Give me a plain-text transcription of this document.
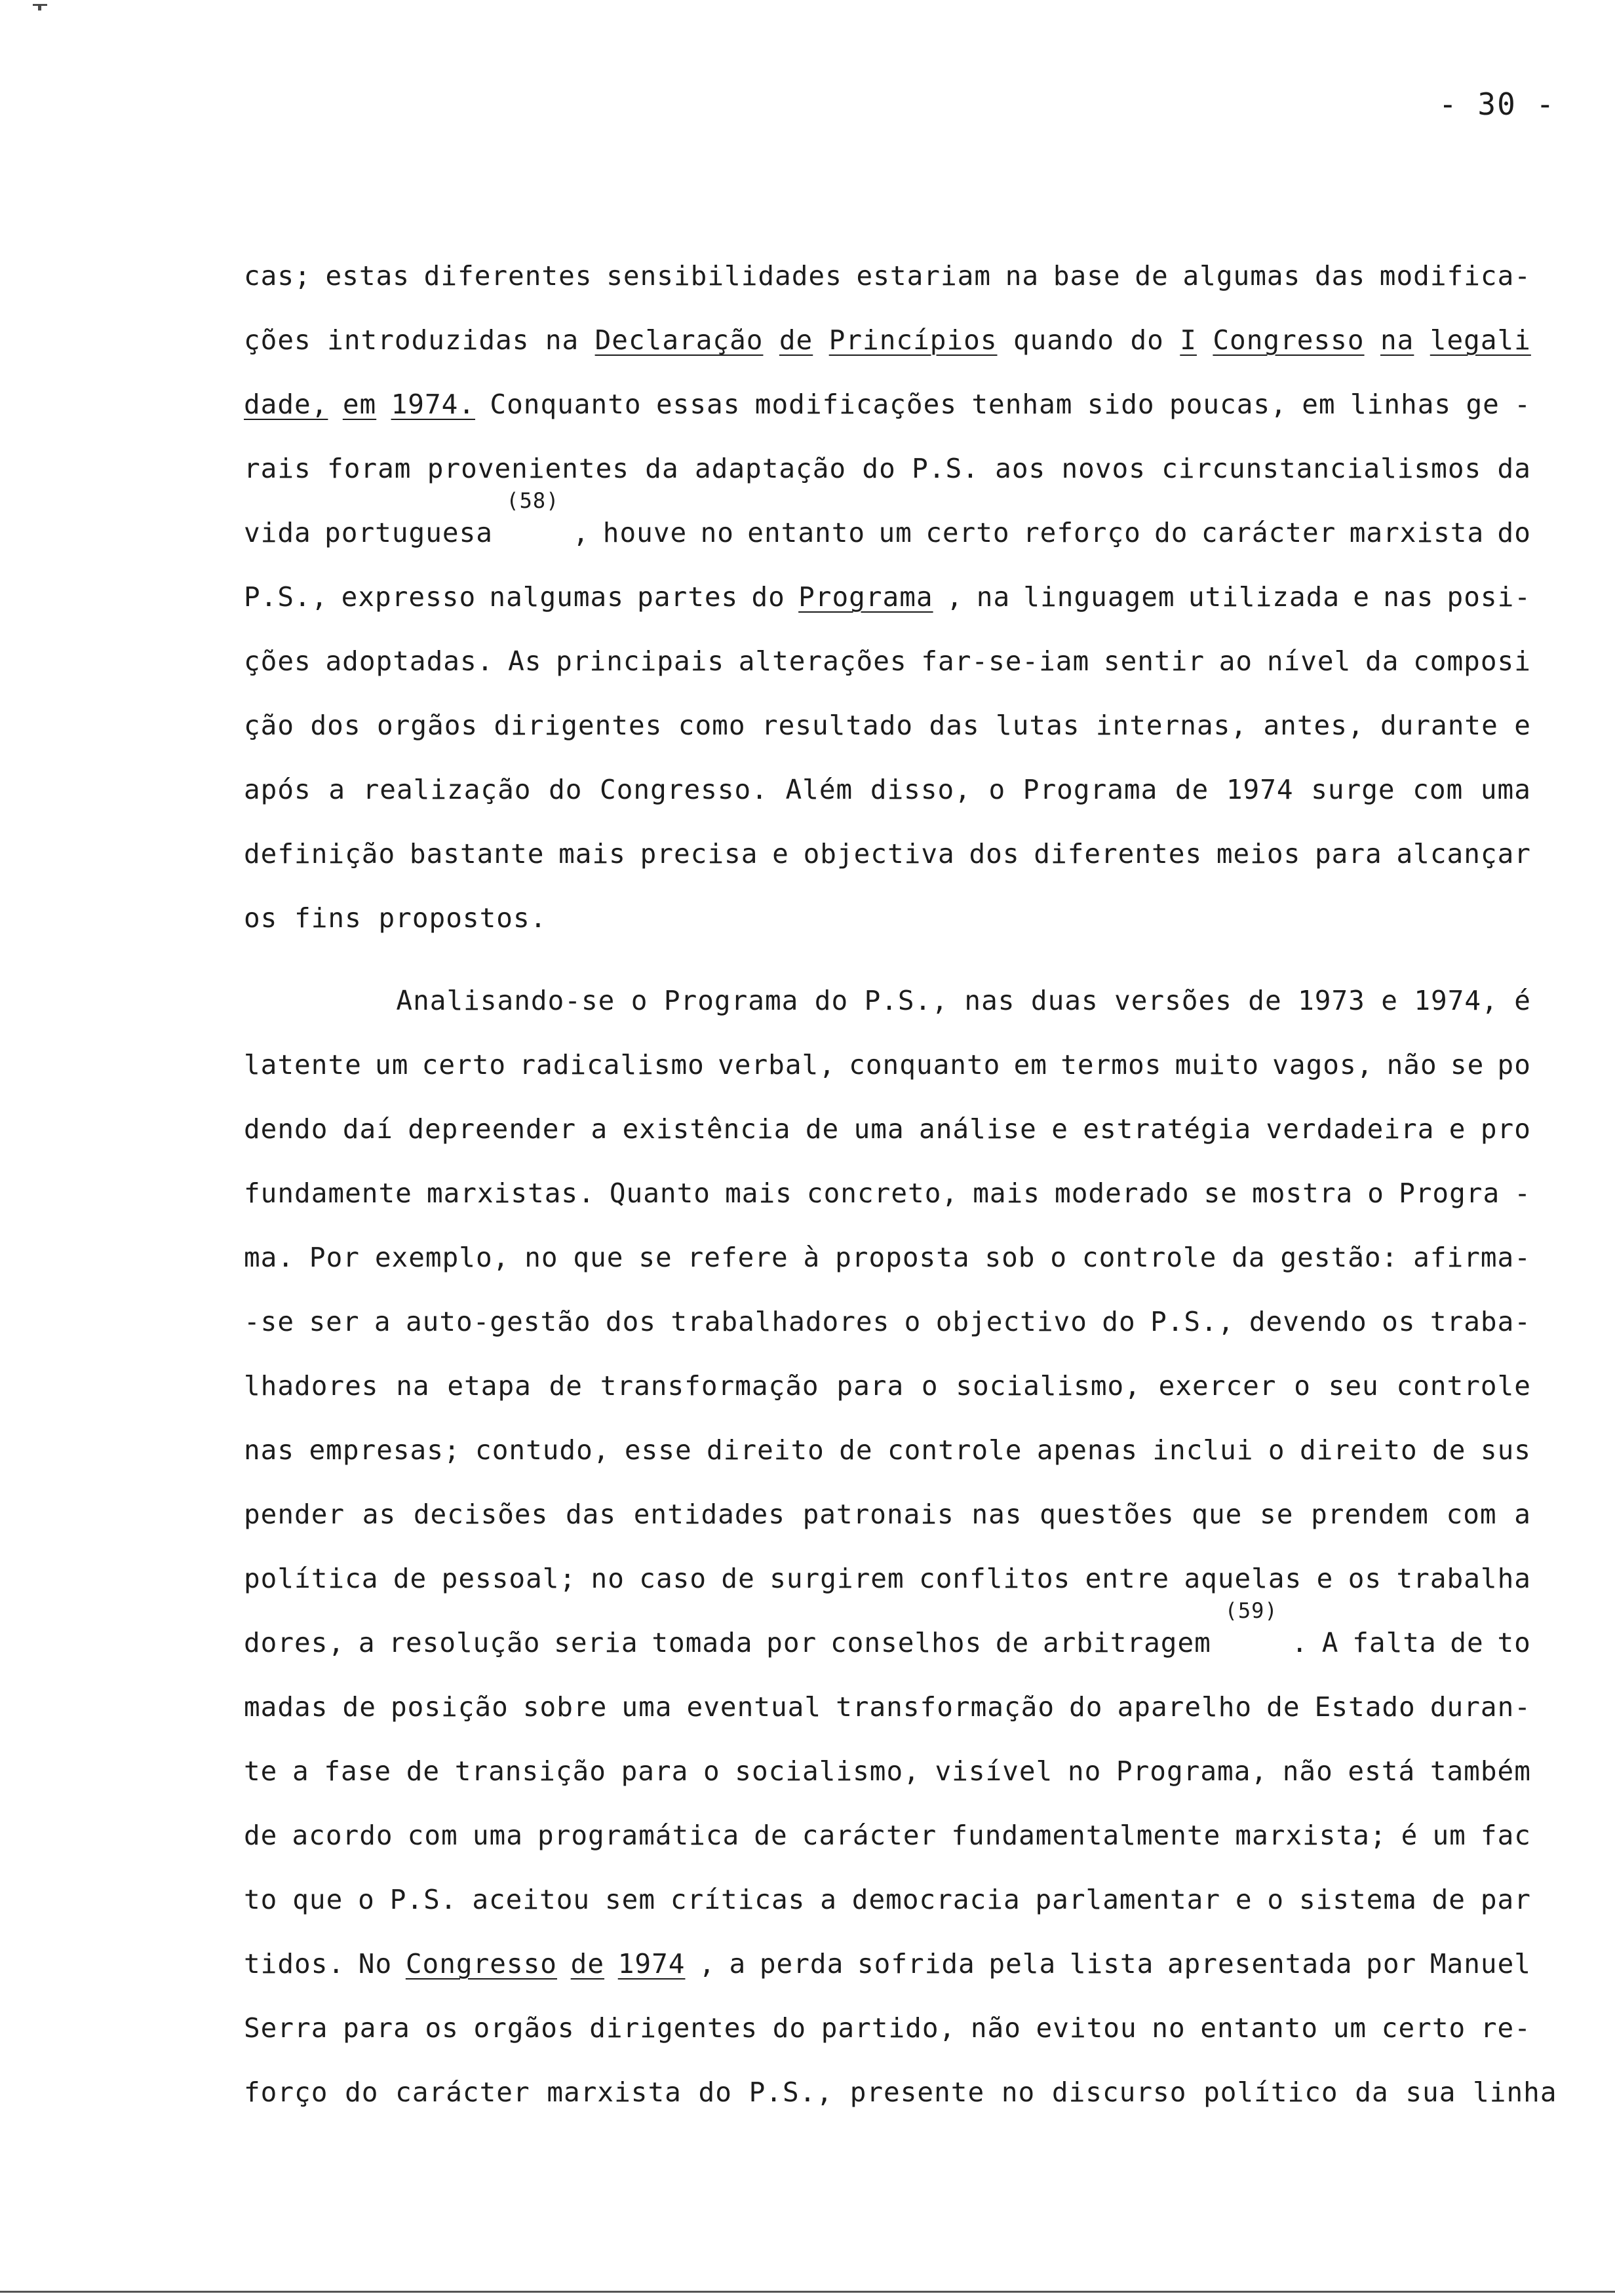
- 30 -
cas; estas diferentes sensibilidades estariam na base de algumas das modifica-
ções introduzidas na Declaração de Princípios quando do I Congresso na legali
dade, em 1974. Conquanto essas modificações tenham sido poucas, em linhas ge -
rais foram provenientes da adaptação do P.S. aos novos circunstancialismos da
vida portuguesa
(58)
, houve no entanto um certo reforço do carácter marxista do
P.S., expresso nalgumas partes do Programa , na linguagem utilizada e nas posi-
ções adoptadas. As principais alterações far-se-iam sentir ao nível da composi
ção dos orgãos dirigentes como resultado das lutas internas, antes, durante e
após a realização do Congresso. Além disso, o Programa de 1974 surge com uma
definição bastante mais precisa e objectiva dos diferentes meios para alcançar
os
fins
propostos.
Analisando-se o Programa do P.S., nas duas versões de 1973 e 1974, é
latente um certo radicalismo verbal, conquanto em termos muito vagos, não se po
dendo daí depreender a existência de uma análise e estratégia verdadeira e pro
fundamente marxistas. Quanto mais concreto, mais moderado se mostra o Progra -
ma. Por exemplo, no que se refere à proposta sob o controle da gestão: afirma-
-se ser a auto-gestão dos trabalhadores o objectivo do P.S., devendo os traba-
lhadores na etapa de transformação para o socialismo, exercer o seu controle
nas empresas; contudo, esse direito de controle apenas inclui o direito de sus
pender as decisões das entidades patronais nas questões que se prendem com a
política de pessoal; no caso de surgirem conflitos entre aquelas e os trabalha
dores, a resolução seria tomada por conselhos de arbitragem
(59)
. A falta de to
madas de posição sobre uma eventual transformação do aparelho de Estado duran-
te a fase de transição para o socialismo, visível no Programa, não está também
de acordo com uma programática de carácter fundamentalmente marxista; é um fac
to que o P.S. aceitou sem críticas a democracia parlamentar e o sistema de par
tidos. No Congresso de 1974 , a perda sofrida pela lista apresentada por Manuel
Serra para os orgãos dirigentes do partido, não evitou no entanto um certo re-
forço
do
carácter
marxista
do
P.S.,
presente
no
discurso
político
da
sua
linha
